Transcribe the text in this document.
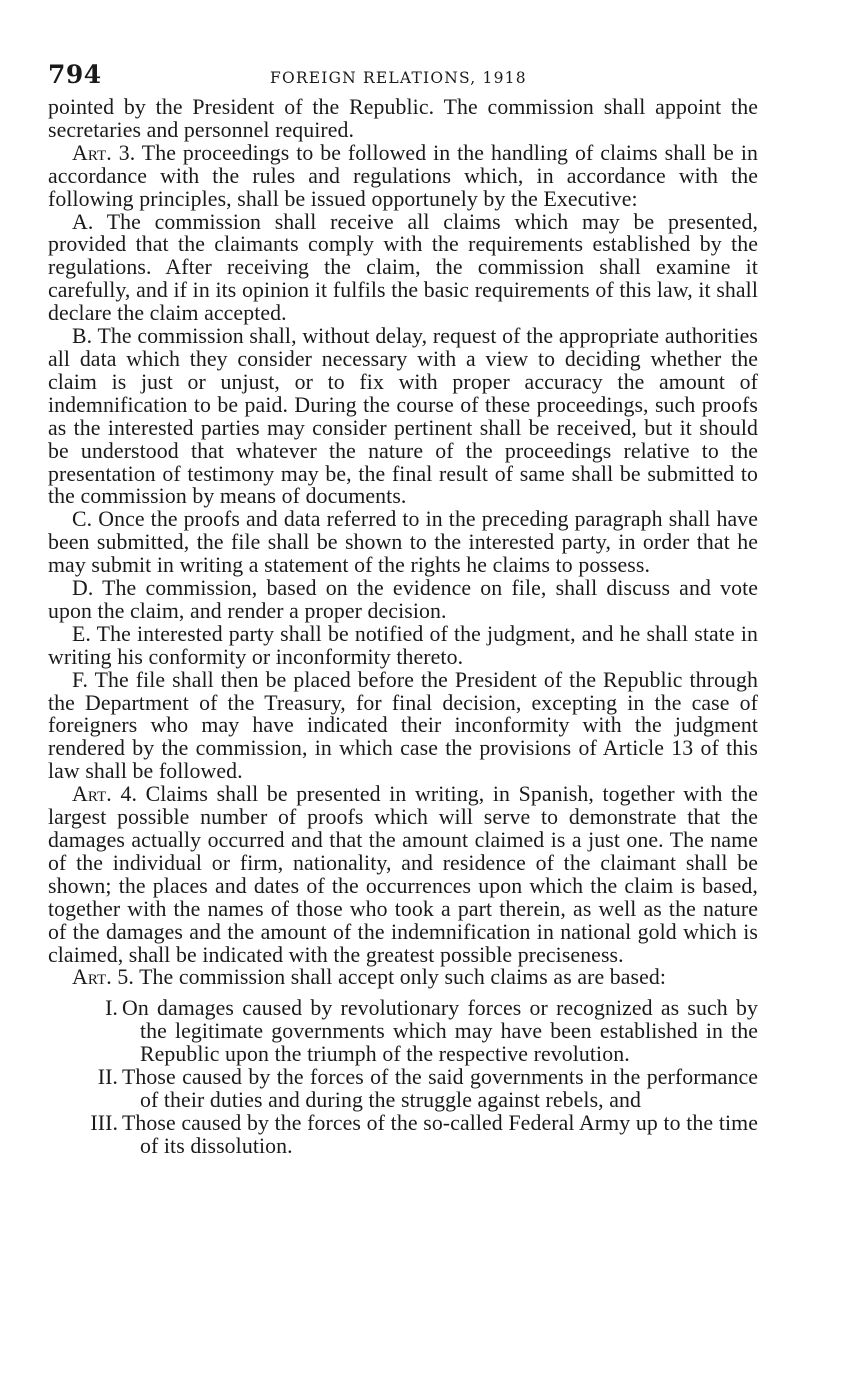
794	FOREIGN RELATIONS, 1918

pointed by the President of the Republic. The commission shall appoint the secretaries and personnel required.

Art. 3. The proceedings to be followed in the handling of claims shall be in accordance with the rules and regulations which, in accordance with the following principles, shall be issued opportunely by the Executive:

A. The commission shall receive all claims which may be presented, provided that the claimants comply with the requirements established by the regulations. After receiving the claim, the commission shall examine it carefully, and if in its opinion it fulfils the basic requirements of this law, it shall declare the claim accepted.

B. The commission shall, without delay, request of the appropriate authorities all data which they consider necessary with a view to deciding whether the claim is just or unjust, or to fix with proper accuracy the amount of indemnification to be paid. During the course of these proceedings, such proofs as the interested parties may consider pertinent shall be received, but it should be understood that whatever the nature of the proceedings relative to the presentation of testimony may be, the final result of same shall be submitted to the commission by means of documents.

C. Once the proofs and data referred to in the preceding paragraph shall have been submitted, the file shall be shown to the interested party, in order that he may submit in writing a statement of the rights he claims to possess.

D. The commission, based on the evidence on file, shall discuss and vote upon the claim, and render a proper decision.

E. The interested party shall be notified of the judgment, and he shall state in writing his conformity or inconformity thereto.

F. The file shall then be placed before the President of the Republic through the Department of the Treasury, for final decision, excepting in the case of foreigners who may have indicated their inconformity with the judgment rendered by the commission, in which case the provisions of Article 13 of this law shall be followed.

Art. 4. Claims shall be presented in writing, in Spanish, together with the largest possible number of proofs which will serve to demonstrate that the damages actually occurred and that the amount claimed is a just one. The name of the individual or firm, nationality, and residence of the claimant shall be shown; the places and dates of the occurrences upon which the claim is based, together with the names of those who took a part therein, as well as the nature of the damages and the amount of the indemnification in national gold which is claimed, shall be indicated with the greatest possible preciseness.

Art. 5. The commission shall accept only such claims as are based:

I. On damages caused by revolutionary forces or recognized as such by the legitimate governments which may have been established in the Republic upon the triumph of the respective revolution.
II. Those caused by the forces of the said governments in the performance of their duties and during the struggle against rebels, and
III. Those caused by the forces of the so-called Federal Army up to the time of its dissolution.
